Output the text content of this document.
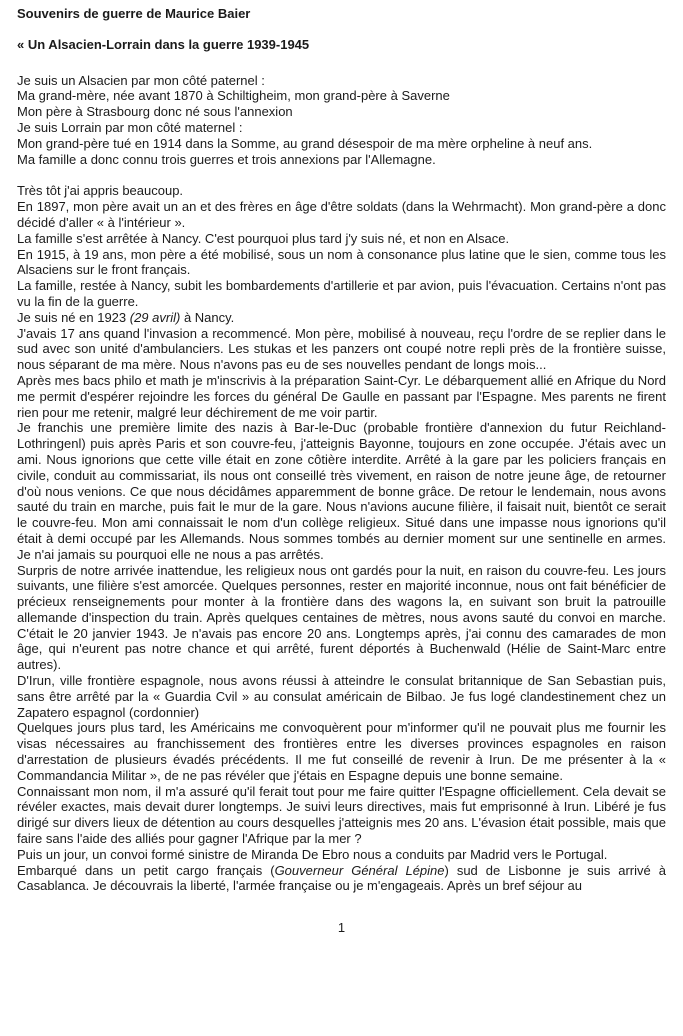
Souvenirs de guerre de Maurice Baier

« Un Alsacien-Lorrain dans la guerre 1939-1945

Je suis un Alsacien par mon côté paternel :

Ma grand-mère, née avant 1870 à Schiltigheim, mon grand-père à Saverne

Mon père à Strasbourg donc né sous l'annexion

Je suis Lorrain par mon côté maternel :

Mon grand-père tué en 1914 dans la Somme, au grand désespoir de ma mère orpheline à neuf ans.

Ma famille a donc connu trois guerres et trois annexions par l'Allemagne.

Très tôt j'ai appris beaucoup.

En 1897, mon père avait un an et des frères en âge d'être soldats (dans la Wehrmacht). Mon grand-père a donc décidé d'aller « à l'intérieur ».

La famille s'est arrêtée à Nancy. C'est pourquoi plus tard j'y suis né, et non en Alsace.

En 1915, à 19 ans, mon père a été mobilisé, sous un nom à consonance plus latine que le sien, comme tous les Alsaciens sur le front français.

La famille, restée à Nancy, subit les bombardements d'artillerie et par avion, puis l'évacuation. Certains n'ont pas vu la fin de la guerre.

Je suis né en 1923 (29 avril) à Nancy.

J'avais 17 ans quand l'invasion a recommencé. Mon père, mobilisé à nouveau, reçu l'ordre de se replier dans le sud avec son unité d'ambulanciers. Les stukas et les panzers ont coupé notre repli près de la frontière suisse, nous séparant de ma mère. Nous n'avons pas eu de ses nouvelles pendant de longs mois...

Après mes bacs philo et math je m'inscrivis à la préparation Saint-Cyr. Le débarquement allié en Afrique du Nord me permit d'espérer rejoindre les forces du général De Gaulle en passant par l'Espagne. Mes parents ne firent rien pour me retenir, malgré leur déchirement de me voir partir.

Je franchis une première limite des nazis à Bar-le-Duc (probable frontière d'annexion du futur Reichland-Lothringenl) puis après Paris et son couvre-feu, j'atteignis Bayonne, toujours en zone occupée. J'étais avec un ami. Nous ignorions que cette ville était en zone côtière interdite. Arrêté à la gare par les policiers français en civile, conduit au commissariat, ils nous ont conseillé très vivement, en raison de notre jeune âge, de retourner d'où nous venions. Ce que nous décidâmes apparemment de bonne grâce. De retour le lendemain, nous avons sauté du train en marche, puis fait le mur de la gare. Nous n'avions aucune filière, il faisait nuit, bientôt ce serait le couvre-feu. Mon ami connaissait le nom d'un collège religieux. Situé dans une impasse nous ignorions qu'il était à demi occupé par les Allemands. Nous sommes tombés au dernier moment sur une sentinelle en armes. Je n'ai jamais su pourquoi elle ne nous a pas arrêtés.

Surpris de notre arrivée inattendue, les religieux nous ont gardés pour la nuit, en raison du couvre-feu. Les jours suivants, une filière s'est amorcée. Quelques personnes, rester en majorité inconnue, nous ont fait bénéficier de précieux renseignements pour monter à la frontière dans des wagons la, en suivant son bruit la patrouille allemande d'inspection du train. Après quelques centaines de mètres, nous avons sauté du convoi en marche. C'était le 20 janvier 1943. Je n'avais pas encore 20 ans. Longtemps après, j'ai connu des camarades de mon âge, qui n'eurent pas notre chance et qui arrêté, furent déportés à Buchenwald (Hélie de Saint-Marc entre autres).

D'Irun, ville frontière espagnole, nous avons réussi à atteindre le consulat britannique de San Sebastian puis, sans être arrêté par la « Guardia Cvil » au consulat américain de Bilbao. Je fus logé clandestinement chez un Zapatero espagnol (cordonnier)

Quelques jours plus tard, les Américains me convoquèrent pour m'informer qu'il ne pouvait plus me fournir les visas nécessaires au franchissement des frontières entre les diverses provinces espagnoles en raison d'arrestation de plusieurs évadés précédents. Il me fut conseillé de revenir à Irun. De me présenter à la « Commandancia Militar », de ne pas révéler que j'étais en Espagne depuis une bonne semaine.

Connaissant mon nom, il m'a assuré qu'il ferait tout pour me faire quitter l'Espagne officiellement. Cela devait se révéler exactes, mais devait durer longtemps. Je suivi leurs directives, mais fut emprisonné à Irun. Libéré je fus dirigé sur divers lieux de détention au cours desquelles j'atteignis mes 20 ans. L'évasion était possible, mais que faire sans l'aide des alliés pour gagner l'Afrique par la mer ?

Puis un jour, un convoi formé sinistre de Miranda De Ebro nous a conduits par Madrid vers le Portugal.

Embarqué dans un petit cargo français (Gouverneur Général Lépine) sud de Lisbonne je suis arrivé à Casablanca. Je découvrais la liberté, l'armée française ou je m'engageais. Après un bref séjour au

1
